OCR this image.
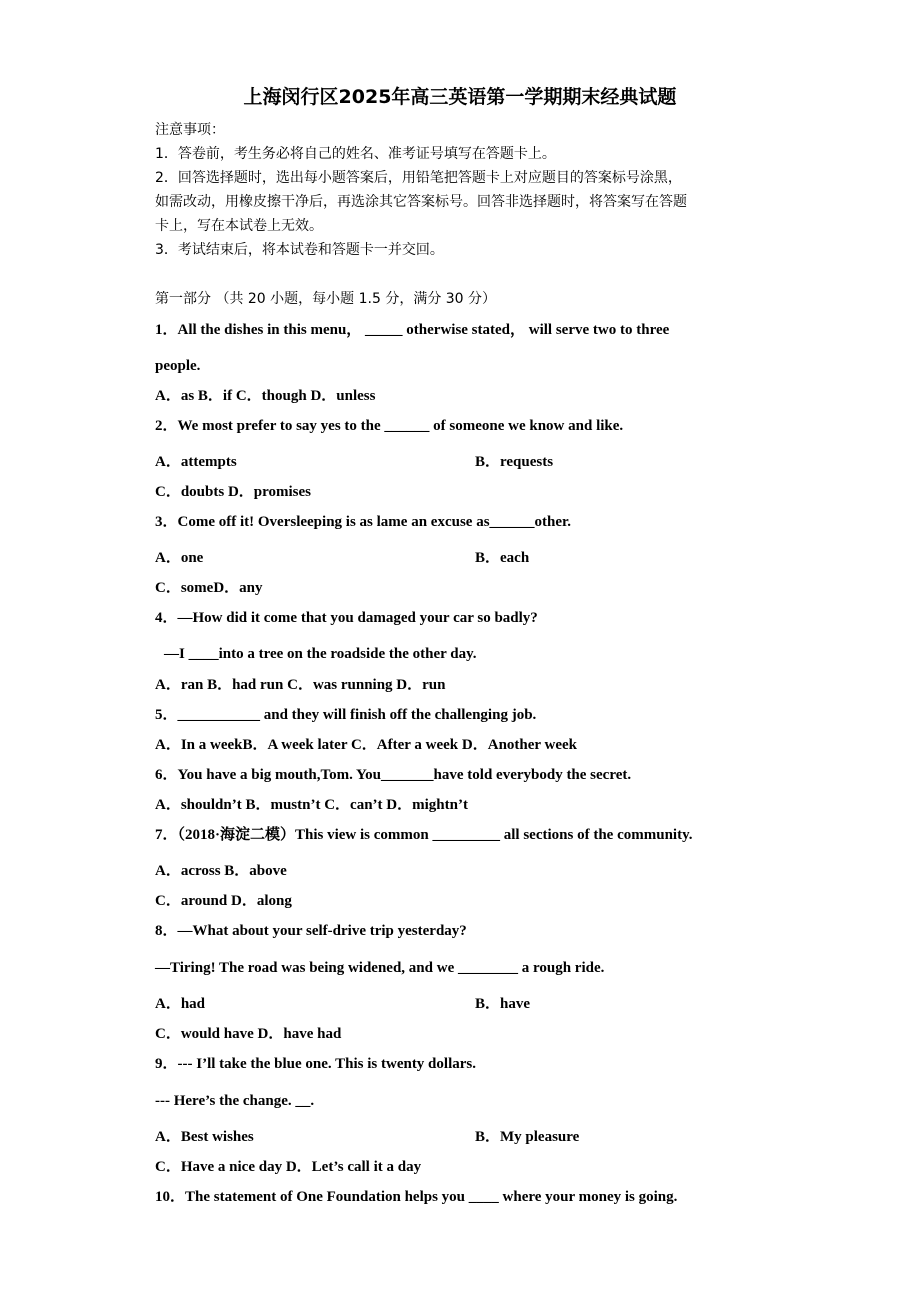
上海闵行区2025年高三英语第一学期期末经典试题
注意事项：
1．答卷前，考生务必将自己的姓名、准考证号填写在答题卡上。
2．回答选择题时，选出每小题答案后，用铅笔把答题卡上对应题目的答案标号涂黑，
如需改动，用橡皮擦干净后，再选涂其它答案标号。回答非选择题时，将答案写在答题
卡上，写在本试卷上无效。
3．考试结束后，将本试卷和答题卡一并交回。
第一部分 （共 20 小题，每小题 1.5 分，满分 30 分）
1．All the dishes in this menu， _____ otherwise stated， will serve two to three
people.
A．as B．if C．though D．unless
2．We most prefer to say yes to the ______ of someone we know and like.
A．attempts	B．requests
C．doubts D．promises
3．Come off it! Oversleeping is as lame an excuse as______other.
A．one	B．each
C．someD．any
4．—How did it come that you damaged your car so badly?
—I ____into a tree on the roadside the other day.
A．ran B．had run C．was running D．run
5．___________ and they will finish off the challenging job.
A．In a weekB．A week later C．After a week D．Another week
6．You have a big mouth,Tom. You_______have told everybody the secret.
A．shouldn’t B．mustn’t C．can’t D．mightn’t
7．（2018·海淀二模）This view is common _________ all sections of the community.
A．across B．above
C．around D．along
8．—What about your self-drive trip yesterday?
—Tiring! The road was being widened, and we ________ a rough ride.
A．had	B．have
C．would have D．have had
9．--- I’ll take the blue one. This is twenty dollars.
--- Here’s the change. __.
A．Best wishes	B．My pleasure
C．Have a nice day D．Let’s call it a day
10．The statement of One Foundation helps you ____ where your money is going.
